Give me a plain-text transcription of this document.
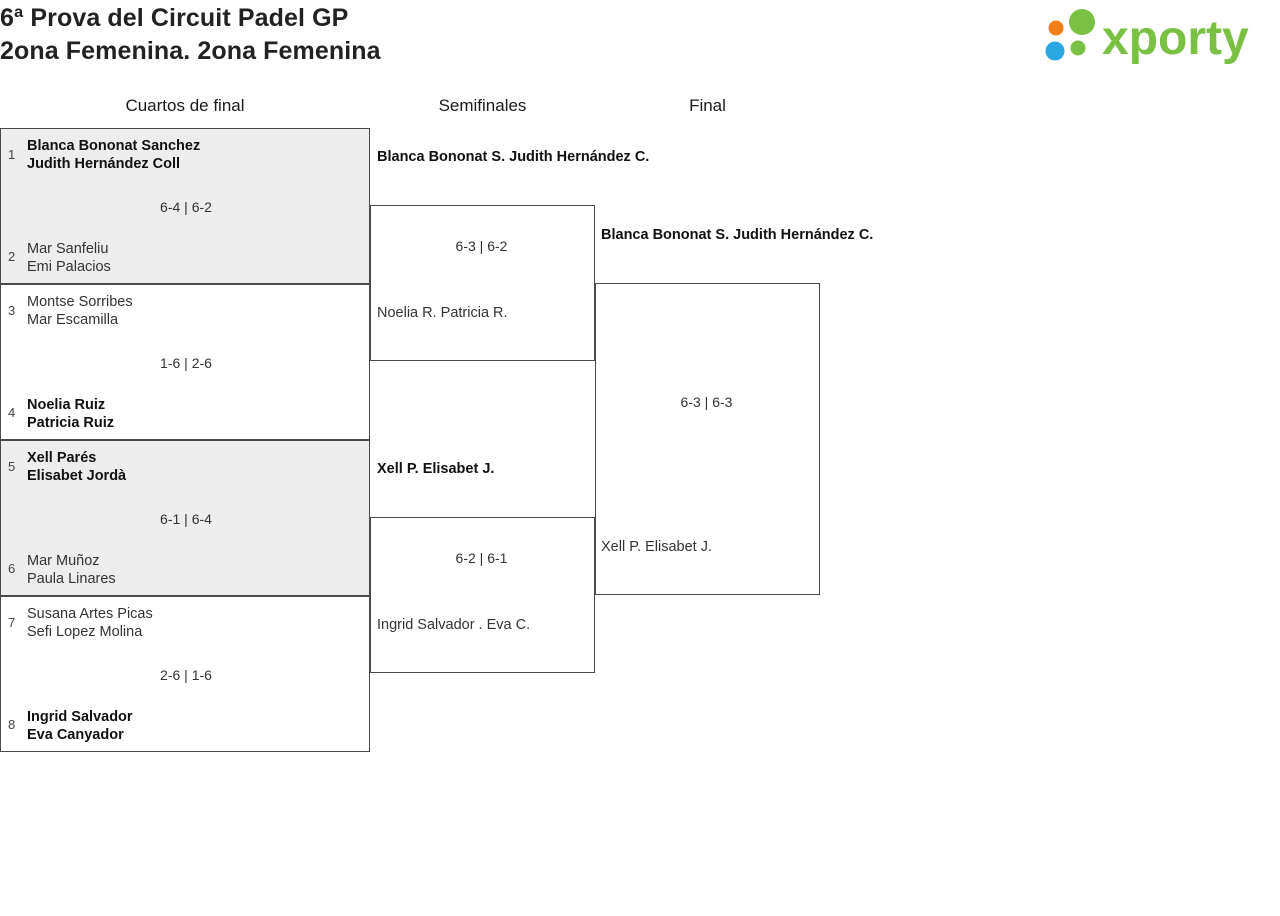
6ª Prova del Circuit Padel GP
2ona Femenina. 2ona Femenina	xporty
Cuartos de final	Semifinales	Final
1
Blanca Bononat Sanchez
Judith Hernández Coll
6-4 | 6-2
2 Mar Sanfeliu
Emi Palacios
3
Montse Sorribes
Mar Escamilla
1-6 | 2-6
4 Noelia Ruiz
Patricia Ruiz
5
Xell Parés
Elisabet Jordà
6-1 | 6-4
6 Mar Muñoz
Paula Linares
7
Susana Artes Picas
Sefi Lopez Molina
2-6 | 1-6
8 Ingrid Salvador
Eva Canyador
Blanca Bononat S. Judith Hernández C.
6-3 | 6-2
Noelia R. Patricia R.
Xell P. Elisabet J.
6-2 | 6-1
Ingrid Salvador . Eva C.
Blanca Bononat S. Judith Hernández C.
6-3 | 6-3
Xell P. Elisabet J.
